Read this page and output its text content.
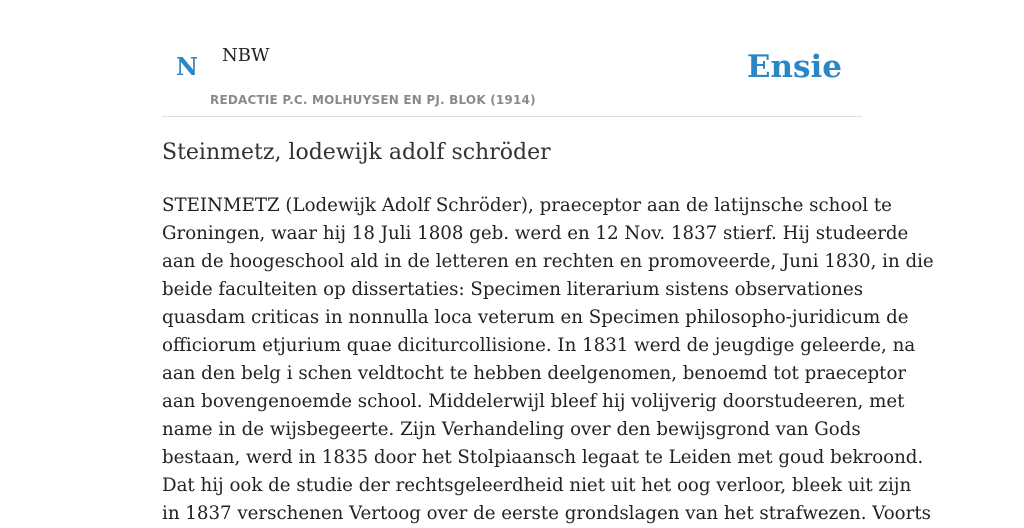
N NBW
REDACTIE P.C. MOLHUYSEN EN PJ. BLOK (1914)
Ensie
Steinmetz, lodewijk adolf schröder

STEINMETZ (Lodewijk Adolf Schröder), praeceptor aan de latijnsche school te
Groningen, waar hij 18 Juli 1808 geb. werd en 12 Nov. 1837 stierf. Hij studeerde
aan de hoogeschool ald in de letteren en rechten en promoveerde, Juni 1830, in die
beide faculteiten op dissertaties: Specimen literarium sistens observationes
quasdam criticas in nonnulla loca veterum en Specimen philosopho-juridicum de
officiorum etjurium quae diciturcollisione. In 1831 werd de jeugdige geleerde, na
aan den belg i schen veldtocht te hebben deelgenomen, benoemd tot praeceptor
aan bovengenoemde school. Middelerwijl bleef hij volijverig doorstudeeren, met
name in de wijsbegeerte. Zijn Verhandeling over den bewijsgrond van Gods
bestaan, werd in 1835 door het Stolpiaansch legaat te Leiden met goud bekroond.
Dat hij ook de studie der rechtsgeleerdheid niet uit het oog verloor, bleek uit zijn
in 1837 verschenen Vertoog over de eerste grondslagen van het strafwezen. Voorts
